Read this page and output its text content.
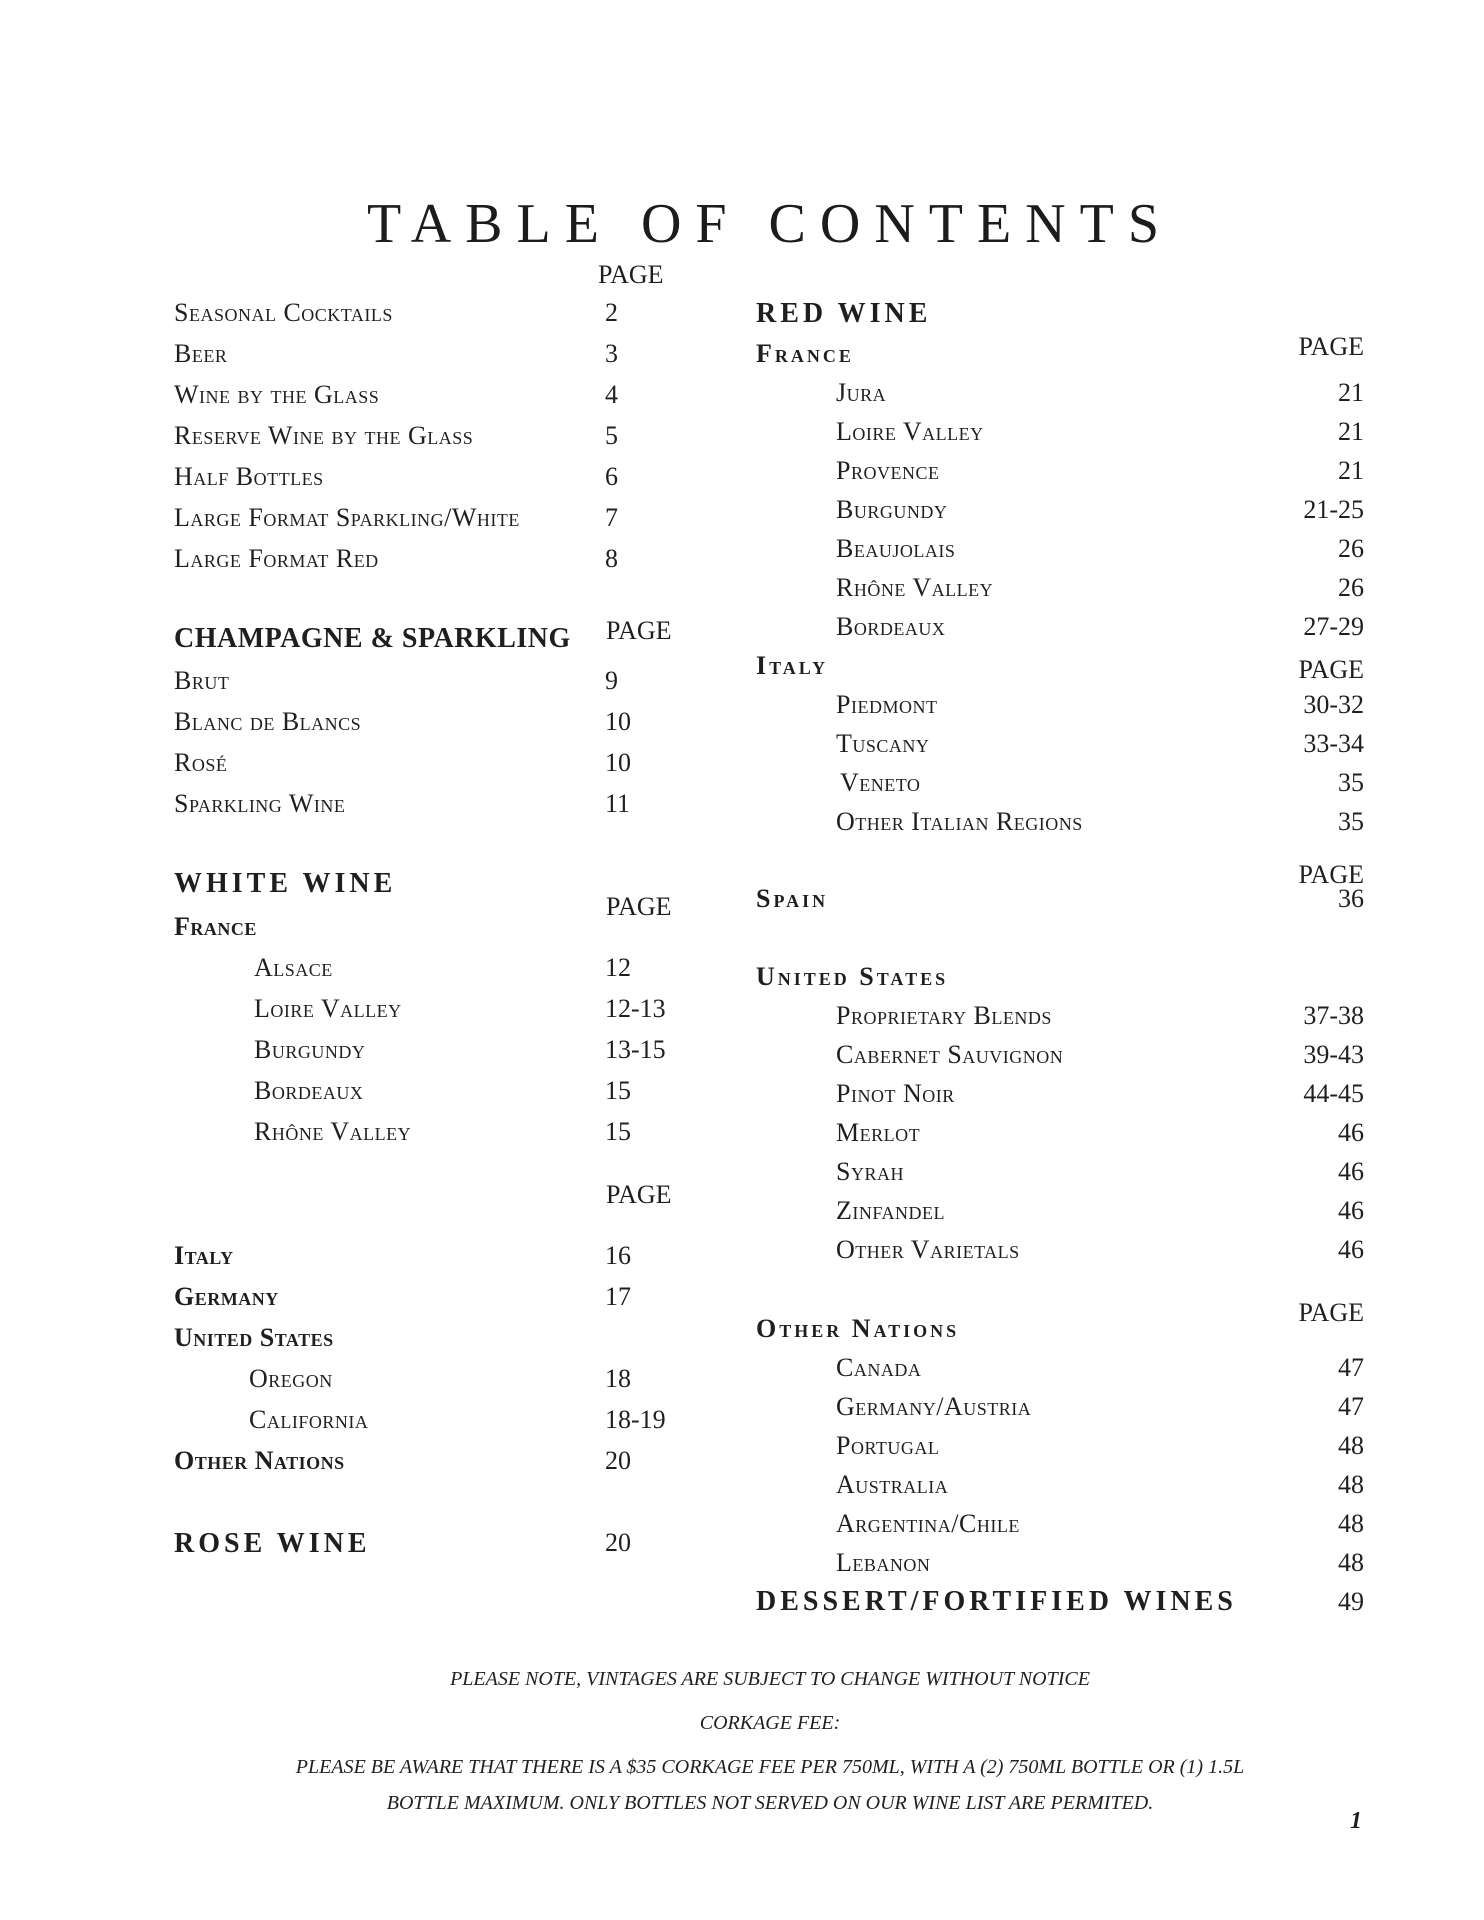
TABLE OF CONTENTS
PAGE
Seasonal Cocktails	2
Beer	3
Wine by the Glass	4
Reserve Wine by the Glass	5
Half Bottles	6
Large Format Sparkling/White	7
Large Format Red	8
CHAMPAGNE & SPARKLING PAGE
Brut	9
Blanc de Blancs	10
Rosé	10
Sparkling Wine	11
WHITE WINE
PAGE
France
Alsace	12
Loire Valley	12-13
Burgundy	13-15
Bordeaux	15
Rhône Valley	15
PAGE
Italy	16
Germany	17
United States
Oregon	18
California	18-19
Other Nations	20
ROSE WINE	20
RED WINE
PAGE
France
Jura	21
Loire Valley	21
Provence	21
Burgundy	21-25
Beaujolais	26
Rhône Valley	26
Bordeaux	27-29
Italy	PAGE
Piedmont	30-32
Tuscany	33-34
Veneto	35
Other Italian Regions	35
PAGE
Spain	36
United States
Proprietary Blends	37-38
Cabernet Sauvignon	39-43
Pinot Noir	44-45
Merlot	46
Syrah	46
Zinfandel	46
Other Varietals	46
PAGE
Other Nations
Canada	47
Germany/Austria	47
Portugal	48
Australia	48
Argentina/Chile	48
Lebanon	48
DESSERT/FORTIFIED WINES	49
PLEASE NOTE, VINTAGES ARE SUBJECT TO CHANGE WITHOUT NOTICE
CORKAGE FEE:
PLEASE BE AWARE THAT THERE IS A $35 CORKAGE FEE PER 750ML, WITH A (2) 750ML BOTTLE OR (1) 1.5L
BOTTLE MAXIMUM. ONLY BOTTLES NOT SERVED ON OUR WINE LIST ARE PERMITED.
1
